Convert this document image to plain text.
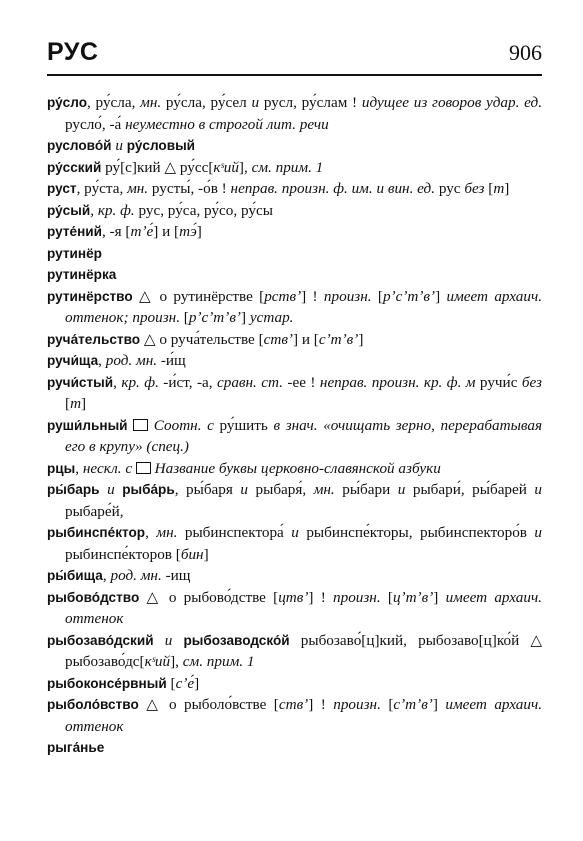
РУС	906

ру́сло, ру́сла, мн. ру́сла, ру́сел и русл, ру́слам ! идущее из говоров удар. ед. русло́, -а́ неуместно в строгой лит. речи

руслово́й и ру́словый

ру́сский ру́[с]кий △ ру́сс[кˢий], см. прим. 1

руст, ру́ста, мн. русты́, -о́в ! неправ. произн. ф. им. и вин. ед. рус без [т]

ру́сый, кр. ф. рус, ру́са, ру́со, ру́сы

руте́ний, -я [тʼе́] и [тэ́]

рутинёр

рутинёрка

рутинёрство △ о рутинёрстве [рствʼ] ! произн. [рʼсʼтʼвʼ] имеет архаич. оттенок; произн. [рʼсʼтʼвʼ] устар.

руча́тельство △ о руча́тельстве [ствʼ] и [сʼтʼвʼ]

ручи́ща, род. мн. -и́щ

ручи́стый, кр. ф. -и́ст, -а, сравн. ст. -ее ! неправ. произн. кр. ф. м ручи́с без [т]

руши́льный Соотн. с ру́шить в знач. «очищать зерно, перерабатывая его в крупу» (спец.)

рцы, нескл. с Название буквы церковно-славянской азбуки

ры́барь и рыба́рь, ры́баря и рыбаря́, мн. ры́бари и рыбари́, ры́барей и рыбаре́й,

рыбинспе́ктор, мн. рыбинспектора́ и рыбинспе́кторы, рыбинспекторо́в и рыбинспе́кторов [бин]

ры́бища, род. мн. -ищ

рыбово́дство △ о рыбово́дстве [цтвʼ] ! произн. [цʼтʼвʼ] имеет архаич. оттенок

рыбозаво́дский и рыбозаводско́й рыбозаво́[ц]кий, рыбозаво[ц]ко́й △ рыбозаво́дс[кˢий], см. прим. 1

рыбоконсе́рвный [сʼе́]

рыболо́вство △ о рыболо́встве [ствʼ] ! произн. [сʼтʼвʼ] имеет архаич. оттенок

рыга́нье
